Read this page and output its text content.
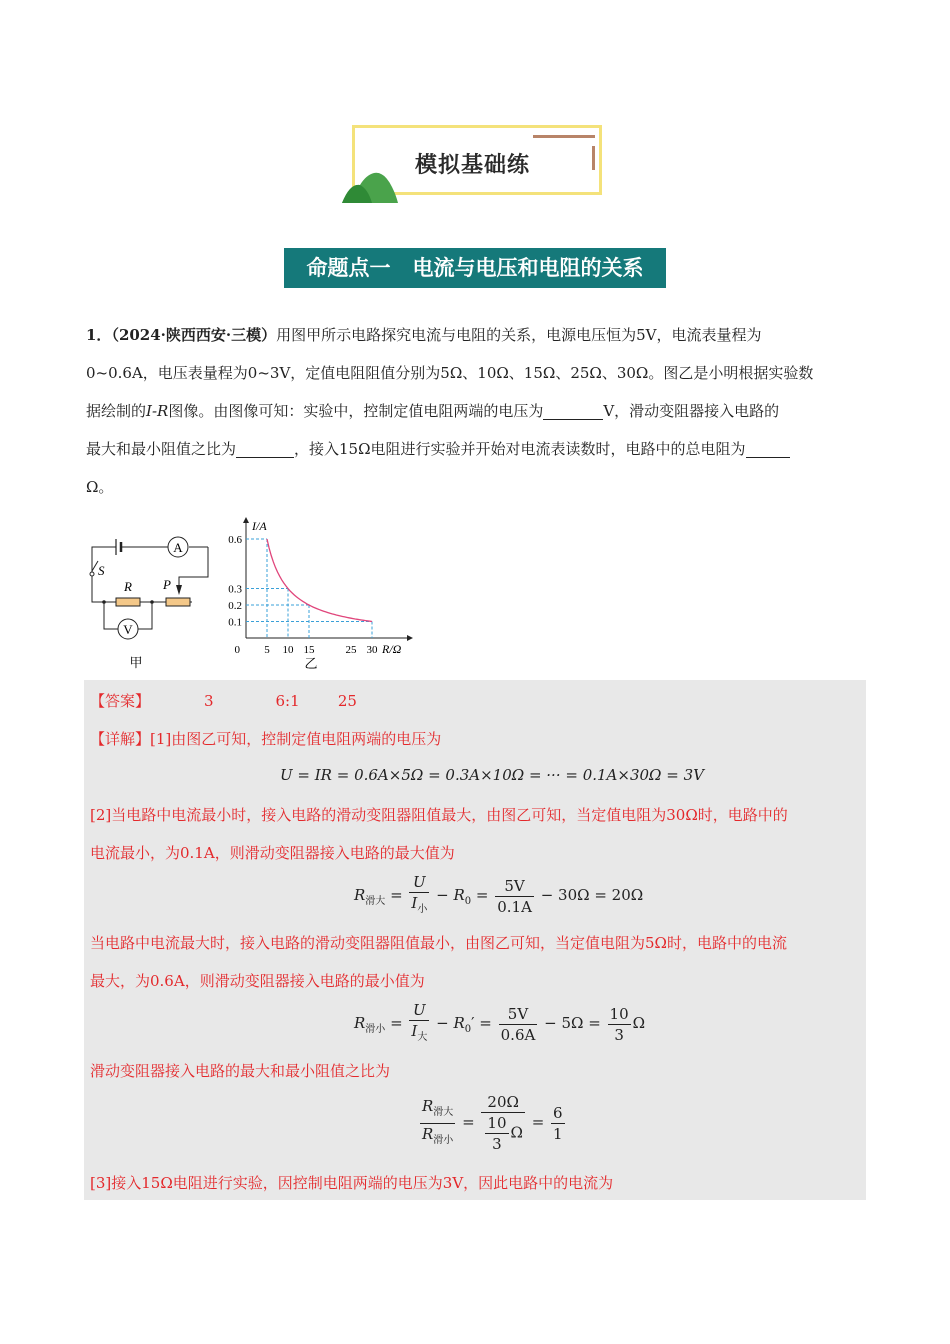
模拟基础练
命题点一   电流与电压和电阻的关系
1．（2024·陕西西安·三模）用图甲所示电路探究电流与电阻的关系，电源电压恒为5V，电流表量程为
0~0.6A，电压表量程为0~3V，定值电阻阻值分别为5Ω、10Ω、15Ω、25Ω、30Ω。图乙是小明根据实验数
据绘制的I-R图像。由图像可知：实验中，控制定值电阻两端的电压为	V，滑动变阻器接入电路的
最大和最小阻值之比为	，接入15Ω电阻进行实验并开始对电流表读数时，电路中的总电阻为
Ω。
A
V
S
R P
甲
5 10 15	25 30
0.6
0.3
0.2
0.1
0
I/A
R/Ω
乙
【答案】	3	6:1	25
【详解】[1]由图乙可知，控制定值电阻两端的电压为
U = IR = 0.6A×5Ω = 0.3A×10Ω = ··· = 0.1A×30Ω = 3V
[2]当电路中电流最小时，接入电路的滑动变阻器阻值最大，由图乙可知，当定值电阻为30Ω时，电路中的
电流最小，为0.1A，则滑动变阻器接入电路的最大值为
$R_{滑大} = \frac{U}{I_小} - R_0 = \frac{5V}{0.1A} - 30\Omega = 20\Omega$
当电路中电流最大时，接入电路的滑动变阻器阻值最小，由图乙可知，当定值电阻为5Ω时，电路中的电流
最大，为0.6A，则滑动变阻器接入电路的最小值为
$R_{滑小} = \frac{U}{I_大} - R_0' = \frac{5V}{0.6A} - 5\Omega = \frac{10}{3}$ Ω
滑动变阻器接入电路的最大和最小阻值之比为
$\frac{R_{滑大}}{R_{滑小}} = \frac{20\Omega}{\frac{10}{3} \Omega} = \frac{6}{1}$
[3]接入15Ω电阻进行实验，因控制电阻两端的电压为3V，因此电路中的电流为
